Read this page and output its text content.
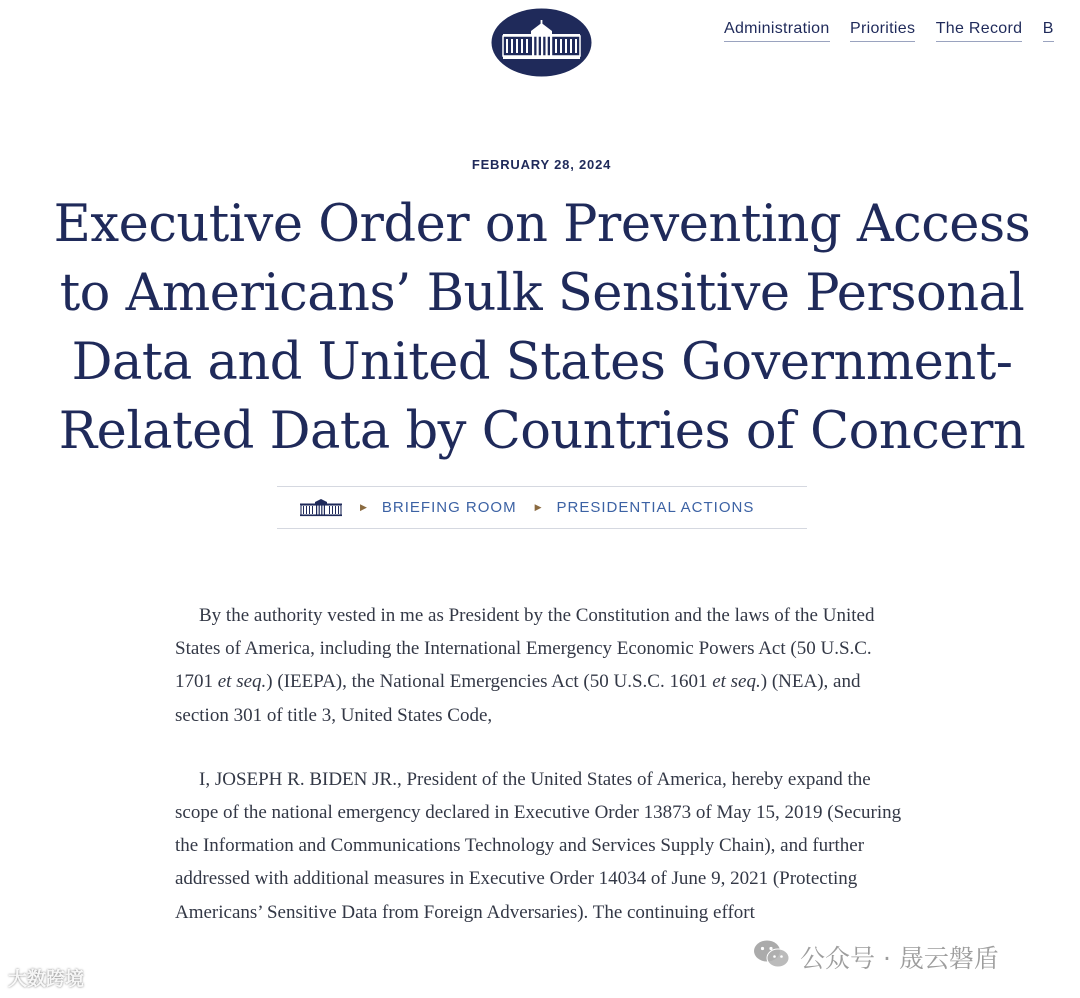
Administration Priorities The Record B
FEBRUARY 28, 2024
Executive Order on Preventing Access to Americans’ Bulk Sensitive Personal Data and United States Government-Related Data by Countries of Concern
▶ BRIEFING ROOM ▶ PRESIDENTIAL ACTIONS

By the authority vested in me as President by the Constitution and the laws of the United States of America, including the International Emergency Economic Powers Act (50 U.S.C. 1701 et seq.) (IEEPA), the National Emergencies Act (50 U.S.C. 1601 et seq.) (NEA), and section 301 of title 3, United States Code,

I, JOSEPH R. BIDEN JR., President of the United States of America, hereby expand the scope of the national emergency declared in Executive Order 13873 of May 15, 2019 (Securing the Information and Communications Technology and Services Supply Chain), and further addressed with additional measures in Executive Order 14034 of June 9, 2021 (Protecting Americans’ Sensitive Data from Foreign Adversaries). The continuing effort

大数跨境
公众号 · 晟云磐盾
